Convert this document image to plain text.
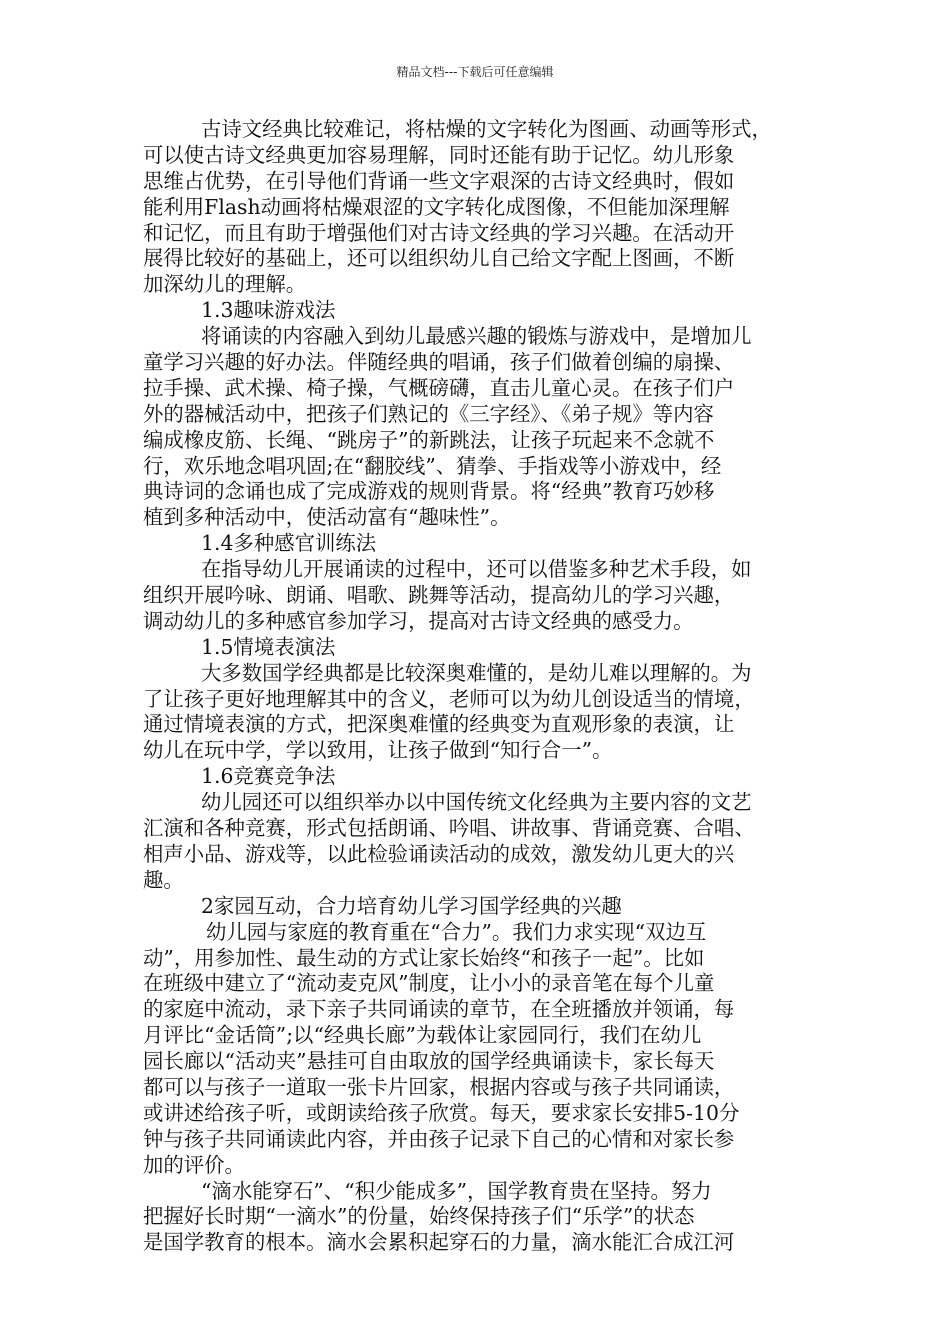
精品文档---下载后可任意编辑
古诗文经典比较难记，将枯燥的文字转化为图画、动画等形式，
可以使古诗文经典更加容易理解，同时还能有助于记忆。幼儿形象
思维占优势，在引导他们背诵一些文字艰深的古诗文经典时，假如
能利用Flash动画将枯燥艰涩的文字转化成图像，不但能加深理解
和记忆，而且有助于增强他们对古诗文经典的学习兴趣。在活动开
展得比较好的基础上，还可以组织幼儿自己给文字配上图画，不断
加深幼儿的理解。
1.3趣味游戏法
将诵读的内容融入到幼儿最感兴趣的锻炼与游戏中，是增加儿
童学习兴趣的好办法。伴随经典的唱诵，孩子们做着创编的扇操、
拉手操、武术操、椅子操，气概磅礴，直击儿童心灵。在孩子们户
外的器械活动中，把孩子们熟记的《三字经》、《弟子规》等内容
编成橡皮筋、长绳、“跳房子”的新跳法，让孩子玩起来不念就不
行，欢乐地念唱巩固;在“翻胶线”、猜拳、手指戏等小游戏中，经
典诗词的念诵也成了完成游戏的规则背景。将“经典”教育巧妙移
植到多种活动中，使活动富有“趣味性”。
1.4多种感官训练法
在指导幼儿开展诵读的过程中，还可以借鉴多种艺术手段，如
组织开展吟咏、朗诵、唱歌、跳舞等活动，提高幼儿的学习兴趣，
调动幼儿的多种感官参加学习，提高对古诗文经典的感受力。
1.5情境表演法
大多数国学经典都是比较深奥难懂的，是幼儿难以理解的。为
了让孩子更好地理解其中的含义，老师可以为幼儿创设适当的情境，
通过情境表演的方式，把深奥难懂的经典变为直观形象的表演，让
幼儿在玩中学，学以致用，让孩子做到“知行合一”。
1.6竞赛竞争法
幼儿园还可以组织举办以中国传统文化经典为主要内容的文艺
汇演和各种竞赛，形式包括朗诵、吟唱、讲故事、背诵竞赛、合唱、
相声小品、游戏等，以此检验诵读活动的成效，激发幼儿更大的兴
趣。
2家园互动，合力培育幼儿学习国学经典的兴趣
幼儿园与家庭的教育重在“合力”。我们力求实现“双边互
动”，用参加性、最生动的方式让家长始终“和孩子一起”。比如
在班级中建立了“流动麦克风”制度，让小小的录音笔在每个儿童
的家庭中流动，录下亲子共同诵读的章节，在全班播放并领诵，每
月评比“金话筒”;以“经典长廊”为载体让家园同行，我们在幼儿
园长廊以“活动夹”悬挂可自由取放的国学经典诵读卡，家长每天
都可以与孩子一道取一张卡片回家，根据内容或与孩子共同诵读，
或讲述给孩子听，或朗读给孩子欣赏。每天，要求家长安排5-10分
钟与孩子共同诵读此内容，并由孩子记录下自己的心情和对家长参
加的评价。
“滴水能穿石”、“积少能成多”，国学教育贵在坚持。努力
把握好长时期“一滴水”的份量，始终保持孩子们“乐学”的状态
是国学教育的根本。滴水会累积起穿石的力量，滴水能汇合成江河
